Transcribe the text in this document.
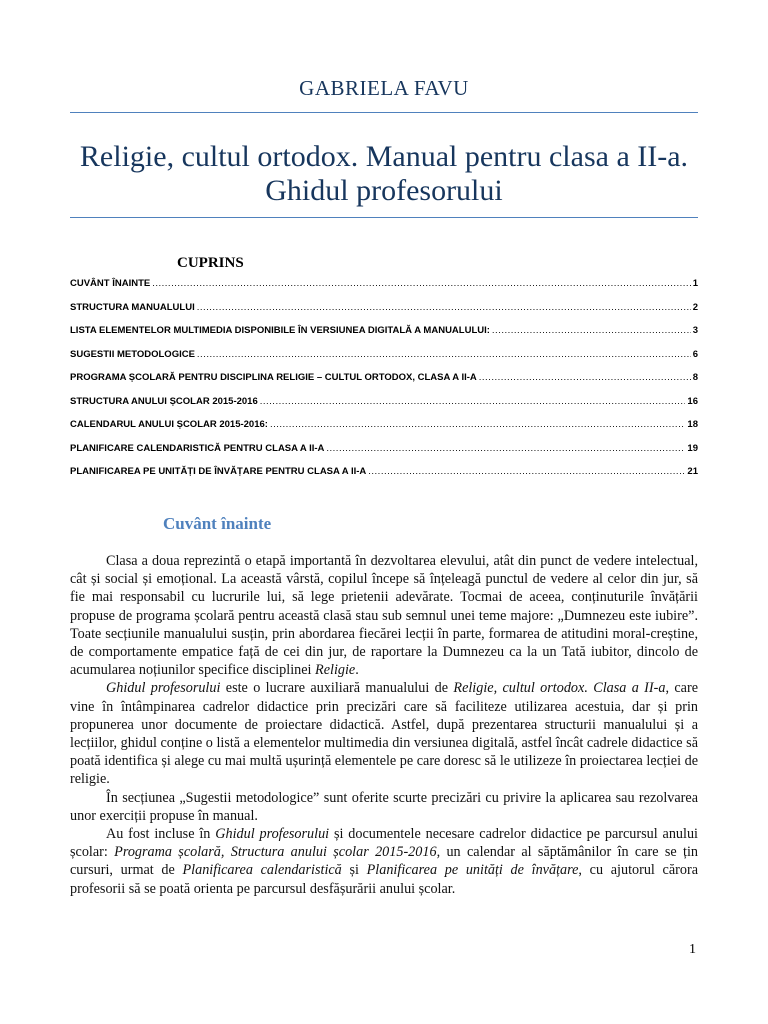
GABRIELA FAVU
Religie, cultul ortodox. Manual pentru clasa a II-a.
Ghidul profesorului
CUPRINS
CUVÂNT ÎNAINTE .....	1
STRUCTURA MANUALULUI .....	2
LISTA ELEMENTELOR MULTIMEDIA DISPONIBILE ÎN VERSIUNEA DIGITALĂ A MANUALULUI: .....	3
SUGESTII METODOLOGICE .....	6
PROGRAMA ȘCOLARĂ PENTRU DISCIPLINA RELIGIE – CULTUL ORTODOX, CLASA A II-A .....	8
STRUCTURA ANULUI ȘCOLAR 2015-2016 .....	16
CALENDARUL ANULUI ȘCOLAR 2015-2016: .....	18
PLANIFICARE CALENDARISTICĂ PENTRU CLASA A II-A .....	19
PLANIFICAREA PE UNITĂȚI DE ÎNVĂȚARE PENTRU CLASA A II-A .....	21
Cuvânt înainte

Clasa a doua reprezintă o etapă importantă în dezvoltarea elevului, atât din punct de vedere intelectual, cât și social și emoțional. La această vârstă, copilul începe să înțeleagă punctul de vedere al celor din jur, să fie mai responsabil cu lucrurile lui, să lege prietenii adevărate. Tocmai de aceea, conținuturile învățării propuse de programa școlară pentru această clasă stau sub semnul unei teme majore: „Dumnezeu este iubire”. Toate secțiunile manualului susțin, prin abordarea fiecărei lecții în parte, formarea de atitudini moral-creștine, de comportamente empatice față de cei din jur, de raportare la Dumnezeu ca la un Tată iubitor, dincolo de acumularea noțiunilor specifice disciplinei Religie.

Ghidul profesorului este o lucrare auxiliară manualului de Religie, cultul ortodox. Clasa a II-a, care vine în întâmpinarea cadrelor didactice prin precizări care să faciliteze utilizarea acestuia, dar și prin propunerea unor documente de proiectare didactică. Astfel, după prezentarea structurii manualului și a lecțiilor, ghidul conține o listă a elementelor multimedia din versiunea digitală, astfel încât cadrele didactice să poată identifica și alege cu mai multă ușurință elementele pe care doresc să le utilizeze în proiectarea lecției de religie.

În secțiunea „Sugestii metodologice” sunt oferite scurte precizări cu privire la aplicarea sau rezolvarea unor exerciții propuse în manual.

Au fost incluse în Ghidul profesorului și documentele necesare cadrelor didactice pe parcursul anului școlar: Programa școlară, Structura anului școlar 2015-2016, un calendar al săptămânilor în care se țin cursuri, urmat de Planificarea calendaristică și Planificarea pe unități de învățare, cu ajutorul cărora profesorii să se poată orienta pe parcursul desfășurării anului școlar.

1
